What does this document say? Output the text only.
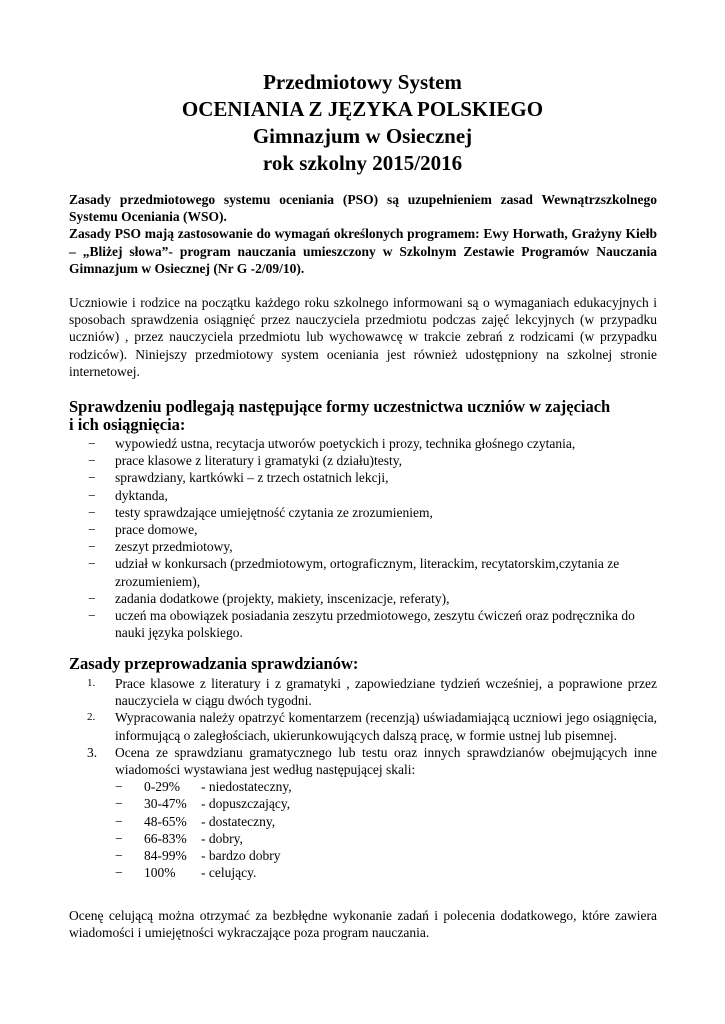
Przedmiotowy System
OCENIANIA Z JĘZYKA POLSKIEGO
Gimnazjum w Osiecznej
rok szkolny 2015/2016
Zasady przedmiotowego systemu oceniania (PSO) są uzupełnieniem zasad Wewnątrzszkolnego Systemu Oceniania (WSO).
Zasady PSO mają zastosowanie do wymagań określonych programem: Ewy Horwath, Grażyny Kiełb – „Bliżej słowa”- program nauczania umieszczony w Szkolnym Zestawie Programów Nauczania Gimnazjum w Osiecznej (Nr G -2/09/10).
Uczniowie i rodzice na początku każdego roku szkolnego informowani są o wymaganiach edukacyjnych i sposobach sprawdzenia osiągnięć przez nauczyciela przedmiotu podczas zajęć lekcyjnych (w przypadku uczniów) , przez nauczyciela przedmiotu lub wychowawcę w trakcie zebrań z rodzicami (w przypadku rodziców). Niniejszy przedmiotowy system oceniania jest również udostępniony na szkolnej stronie internetowej.
Sprawdzeniu podlegają następujące formy uczestnictwa uczniów w zajęciach
i ich osiągnięcia:
− wypowiedź ustna, recytacja utworów poetyckich i prozy, technika głośnego czytania,
− prace klasowe z literatury i gramatyki (z działu)testy,
− sprawdziany, kartkówki – z trzech ostatnich lekcji,
− dyktanda,
− testy sprawdzające umiejętność czytania ze zrozumieniem,
− prace domowe,
− zeszyt przedmiotowy,
− udział w konkursach (przedmiotowym, ortograficznym, literackim, recytatorskim,czytania ze zrozumieniem),
− zadania dodatkowe (projekty, makiety, inscenizacje, referaty),
− uczeń ma obowiązek posiadania zeszytu przedmiotowego, zeszytu ćwiczeń oraz podręcznika do nauki języka polskiego.
Zasady przeprowadzania sprawdzianów:
1. Prace klasowe z literatury i z gramatyki , zapowiedziane tydzień wcześniej, a poprawione przez nauczyciela w ciągu dwóch tygodni.
2. Wypracowania należy opatrzyć komentarzem (recenzją) uświadamiającą uczniowi jego osiągnięcia, informującą o zaległościach, ukierunkowujących dalszą pracę, w formie ustnej lub pisemnej.
3. Ocena ze sprawdzianu gramatycznego lub testu oraz innych sprawdzianów obejmujących inne wiadomości wystawiana jest według następującej skali:
− 0-29% - niedostateczny,
− 30-47% - dopuszczający,
− 48-65% - dostateczny,
− 66-83% - dobry,
− 84-99% - bardzo dobry
− 100% - celujący.
Ocenę celującą można otrzymać za bezbłędne wykonanie zadań i polecenia dodatkowego, które zawiera wiadomości i umiejętności wykraczające poza program nauczania.
